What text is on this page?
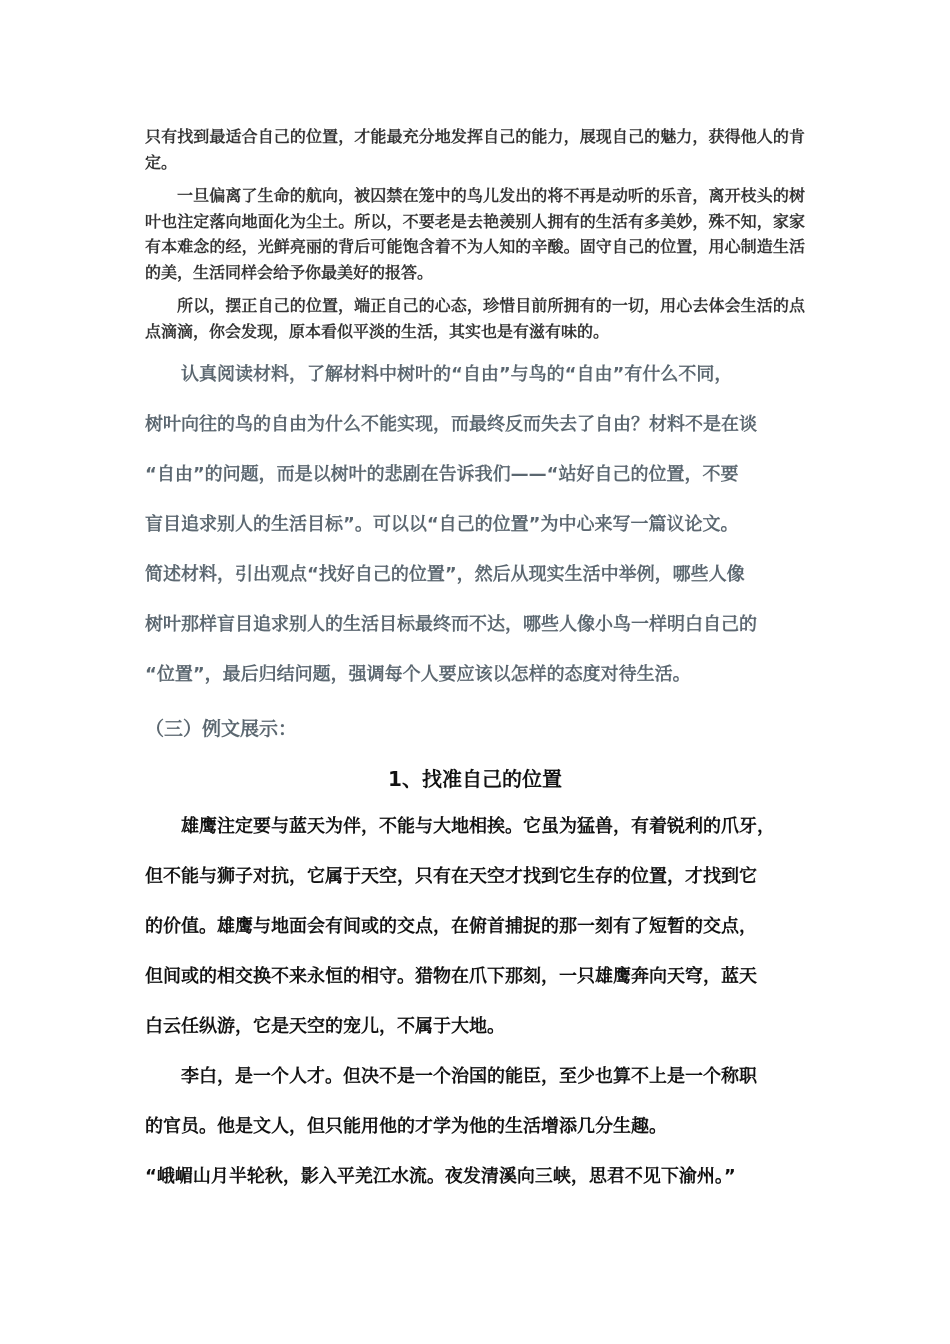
只有找到最适合自己的位置，才能最充分地发挥自己的能力，展现自己的魅力，获得他人的肯定。

一旦偏离了生命的航向，被囚禁在笼中的鸟儿发出的将不再是动听的乐音，离开枝头的树叶也注定落向地面化为尘土。所以，不要老是去艳羡别人拥有的生活有多美妙，殊不知，家家有本难念的经，光鲜亮丽的背后可能饱含着不为人知的辛酸。固守自己的位置，用心制造生活的美，生活同样会给予你最美好的报答。

所以，摆正自己的位置，端正自己的心态，珍惜目前所拥有的一切，用心去体会生活的点点滴滴，你会发现，原本看似平淡的生活，其实也是有滋有味的。

认真阅读材料，了解材料中树叶的“自由”与鸟的“自由”有什么不同，

树叶向往的鸟的自由为什么不能实现，而最终反而失去了自由？材料不是在谈

“自由”的问题，而是以树叶的悲剧在告诉我们——“站好自己的位置，不要

盲目追求别人的生活目标”。可以以“自己的位置”为中心来写一篇议论文。

简述材料，引出观点“找好自己的位置”，然后从现实生活中举例，哪些人像

树叶那样盲目追求别人的生活目标最终而不达，哪些人像小鸟一样明白自己的

“位置”，最后归结问题，强调每个人要应该以怎样的态度对待生活。

（三）例文展示：

1、找准自己的位置

雄鹰注定要与蓝天为伴，不能与大地相挨。它虽为猛兽，有着锐利的爪牙，

但不能与狮子对抗，它属于天空，只有在天空才找到它生存的位置，才找到它

的价值。雄鹰与地面会有间或的交点，在俯首捕捉的那一刻有了短暂的交点，

但间或的相交换不来永恒的相守。猎物在爪下那刻，一只雄鹰奔向天穹，蓝天

白云任纵游，它是天空的宠儿，不属于大地。

李白，是一个人才。但决不是一个治国的能臣，至少也算不上是一个称职

的官员。他是文人，但只能用他的才学为他的生活增添几分生趣。

“峨嵋山月半轮秋，影入平羌江水流。夜发清溪向三峡，思君不见下渝州。”
